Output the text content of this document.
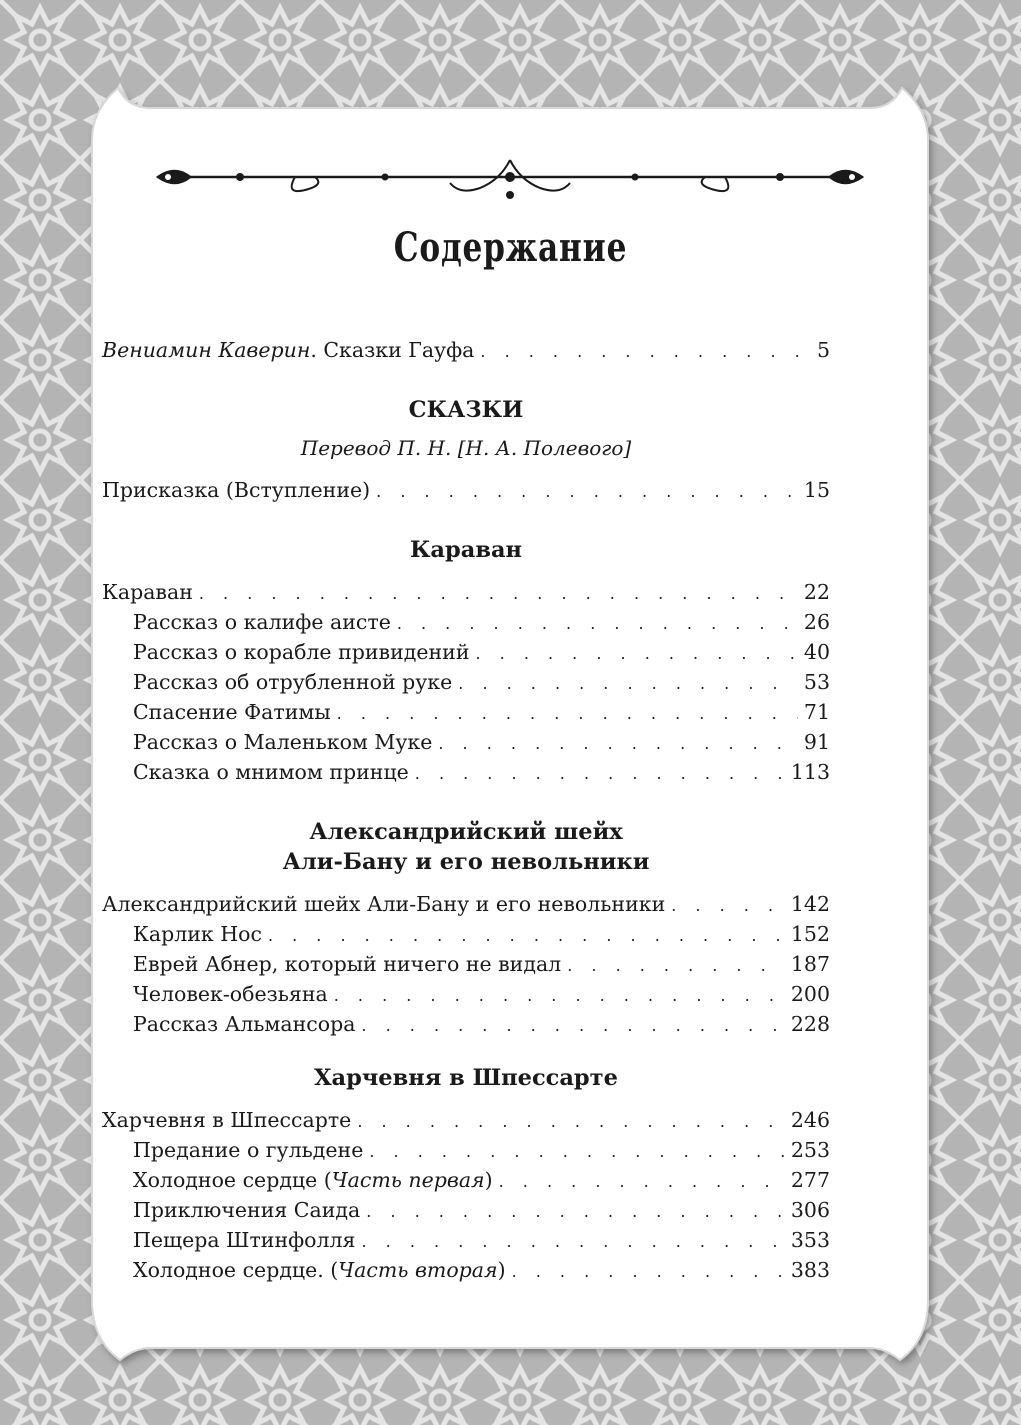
Содержание
Вениамин Каверин. Сказки Гауфа . . .	5
СКАЗКИ
Перевод П. Н. [Н. А. Полевого]
Присказка (Вступление) . . .	15
Караван
Караван . . .	22
Рассказ о калифе аисте . . .	26
Рассказ о корабле привидений . . .	40
Рассказ об отрубленной руке . . .	53
Спасение Фатимы . . .	71
Рассказ о Маленьком Муке . . .	91
Сказка о мнимом принце . . .	113
Александрийский шейх
Али-Бану и его невольники
Александрийский шейх Али-Бану и его невольники . . .	142
Карлик Нос . . .	152
Еврей Абнер, который ничего не видал . . .	187
Человек-обезьяна . . .	200
Рассказ Альмансора . . .	228
Харчевня в Шпессарте
Харчевня в Шпессарте . . .	246
Предание о гульдене . . .	253
Холодное сердце (Часть первая) . . .	277
Приключения Саида . . .	306
Пещера Штинфолля . . .	353
Холодное сердце. (Часть вторая) . . .	383
